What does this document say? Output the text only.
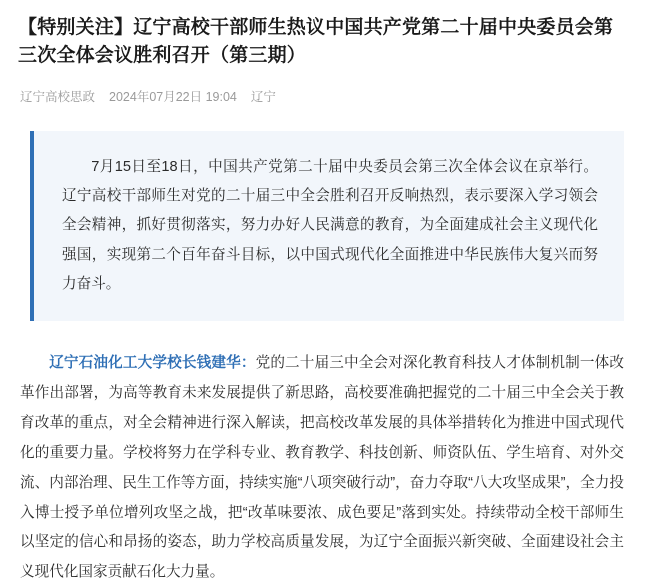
【特别关注】辽宁高校干部师生热议中国共产党第二十届中央委员会第三次全体会议胜利召开（第三期）
辽宁高校思政 2024年07月22日 19:04 辽宁

7月15日至18日，中国共产党第二十届中央委员会第三次全体会议在京举行。辽宁高校干部师生对党的二十届三中全会胜利召开反响热烈，表示要深入学习领会全会精神，抓好贯彻落实，努力办好人民满意的教育，为全面建成社会主义现代化强国，实现第二个百年奋斗目标，以中国式现代化全面推进中华民族伟大复兴而努力奋斗。

辽宁石油化工大学校长钱建华：党的二十届三中全会对深化教育科技人才体制机制一体改革作出部署，为高等教育未来发展提供了新思路，高校要准确把握党的二十届三中全会关于教育改革的重点，对全会精神进行深入解读，把高校改革发展的具体举措转化为推进中国式现代化的重要力量。学校将努力在学科专业、教育教学、科技创新、师资队伍、学生培育、对外交流、内部治理、民生工作等方面，持续实施“八项突破行动”，奋力夺取“八大攻坚成果”，全力投入博士授予单位增列攻坚之战，把“改革味要浓、成色要足”落到实处。持续带动全校干部师生以坚定的信心和昂扬的姿态，助力学校高质量发展，为辽宁全面振兴新突破、全面建设社会主义现代化国家贡献石化大力量。
